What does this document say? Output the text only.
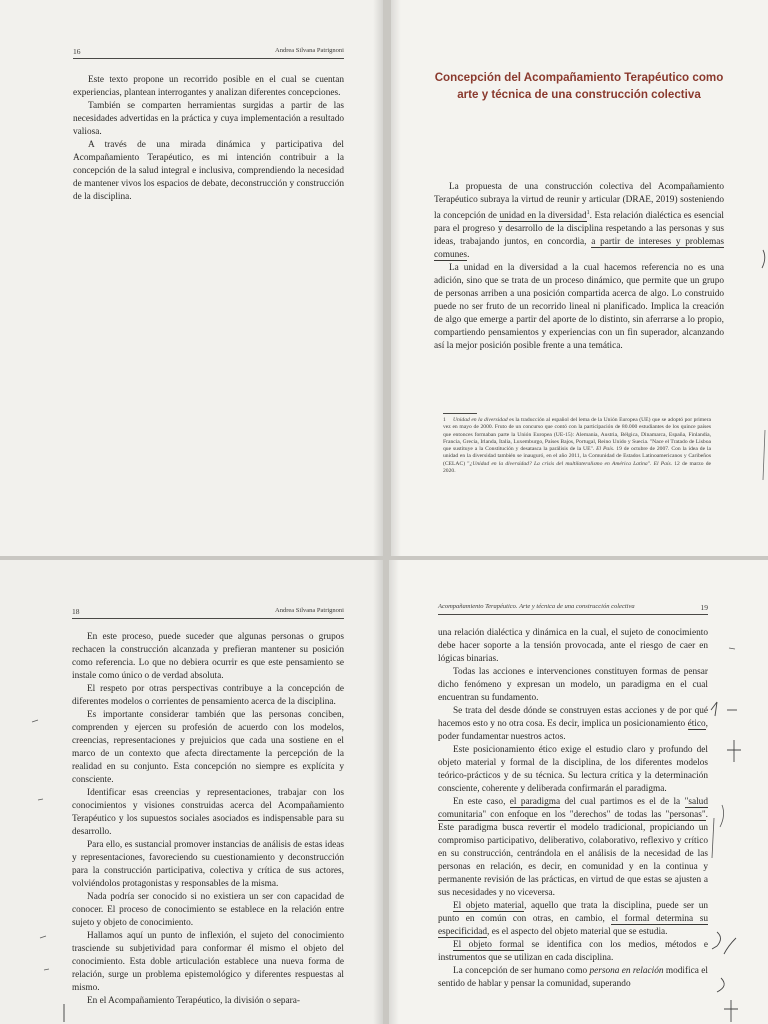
16	Andrea Silvana Patrignoni

Este texto propone un recorrido posible en el cual se cuentan experiencias, plantean interrogantes y analizan diferentes concepciones.

También se comparten herramientas surgidas a partir de las necesidades advertidas en la práctica y cuya implementación a resultado valiosa.

A través de una mirada dinámica y participativa del Acompañamiento Terapéutico, es mi intención contribuir a la concepción de la salud integral e inclusiva, comprendiendo la necesidad de mantener vivos los espacios de debate, deconstrucción y construcción de la disciplina.

Concepción del Acompañamiento Terapéutico como arte y técnica de una construcción colectiva

La propuesta de una construcción colectiva del Acompañamiento Terapéutico subraya la virtud de reunir y articular (DRAE, 2019) sosteniendo la concepción de unidad en la diversidad$^1$. Esta relación dialéctica es esencial para el progreso y desarrollo de la disciplina respetando a las personas y sus ideas, trabajando juntos, en concordia, a partir de intereses y problemas comunes.

La unidad en la diversidad a la cual hacemos referencia no es una adición, sino que se trata de un proceso dinámico, que permite que un grupo de personas arriben a una posición compartida acerca de algo. Lo construido puede no ser fruto de un recorrido lineal ni planificado. Implica la creación de algo que emerge a partir del aporte de lo distinto, sin aferrarse a lo propio, compartiendo pensamientos y experiencias con un fin superador, alcanzando así la mejor posición posible frente a una temática.

1 Unidad en la diversidad es la traducción al español del lema de la Unión Europea (UE) que se adoptó por primera vez en mayo de 2000. Fruto de un concurso que contó con la participación de 80.000 estudiantes de los quince países que entonces formaban parte la Unión Europea (UE-15): Alemania, Austria, Bélgica, Dinamarca, España, Finlandia, Francia, Grecia, Irlanda, Italia, Luxemburgo, Países Bajos, Portugal, Reino Unido y Suecia. "Nace el Tratado de Lisboa que sustituye a la Constitución y desatasca la parálisis de la UE". El País. 19 de octubre de 2007. Con la idea de la unidad en la diversidad también se inauguró, en el año 2011, la Comunidad de Estados Latinoamericanos y Caribeños (CELAC) "¿Unidad en la diversidad? La crisis del multilateralismo en América Latina". El País. 12 de marzo de 2020.
18	Andrea Silvana Patrignoni

En este proceso, puede suceder que algunas personas o grupos rechacen la construcción alcanzada y prefieran mantener su posición como referencia. Lo que no debiera ocurrir es que este pensamiento se instale como único o de verdad absoluta.

El respeto por otras perspectivas contribuye a la concepción de diferentes modelos o corrientes de pensamiento acerca de la disciplina.

Es importante considerar también que las personas conciben, comprenden y ejercen su profesión de acuerdo con los modelos, creencias, representaciones y prejuicios que cada una sostiene en el marco de un contexto que afecta directamente la percepción de la realidad en su conjunto. Esta concepción no siempre es explícita y consciente.

Identificar esas creencias y representaciones, trabajar con los conocimientos y visiones construidas acerca del Acompañamiento Terapéutico y los supuestos sociales asociados es indispensable para su desarrollo.

Para ello, es sustancial promover instancias de análisis de estas ideas y representaciones, favoreciendo su cuestionamiento y deconstrucción para la construcción participativa, colectiva y crítica de sus actores, volviéndolos protagonistas y responsables de la misma.

Nada podría ser conocido si no existiera un ser con capacidad de conocer. El proceso de conocimiento se establece en la relación entre sujeto y objeto de conocimiento.

Hallamos aquí un punto de inflexión, el sujeto del conocimiento trasciende su subjetividad para conformar él mismo el objeto del conocimiento. Esta doble articulación establece una nueva forma de relación, surge un problema epistemológico y diferentes respuestas al mismo.

En el Acompañamiento Terapéutico, la división o separa-

Acompañamiento Terapéutico. Arte y técnica de una construcción colectiva	19

una relación dialéctica y dinámica en la cual, el sujeto de conocimiento debe hacer soporte a la tensión provocada, ante el riesgo de caer en lógicas binarias.

Todas las acciones e intervenciones constituyen formas de pensar dicho fenómeno y expresan un modelo, un paradigma en el cual encuentran su fundamento.

Se trata del desde dónde se construyen estas acciones y de por qué hacemos esto y no otra cosa. Es decir, implica un posicionamiento ético, poder fundamentar nuestros actos.

Este posicionamiento ético exige el estudio claro y profundo del objeto material y formal de la disciplina, de los diferentes modelos teórico-prácticos y de su técnica. Su lectura crítica y la determinación consciente, coherente y deliberada confirmarán el paradigma.

En este caso, el paradigma del cual partimos es el de la "salud comunitaria" con enfoque en los "derechos" de todas las "personas". Este paradigma busca revertir el modelo tradicional, propiciando un compromiso participativo, deliberativo, colaborativo, reflexivo y crítico en su construcción, centrándola en el análisis de la necesidad de las personas en relación, es decir, en comunidad y en la continua y permanente revisión de las prácticas, en virtud de que estas se ajusten a sus necesidades y no viceversa.

El objeto material, aquello que trata la disciplina, puede ser un punto en común con otras, en cambio, el formal determina su especificidad, es el aspecto del objeto material que se estudia.

El objeto formal se identifica con los medios, métodos e instrumentos que se utilizan en cada disciplina.

La concepción de ser humano como persona en relación modifica el sentido de hablar y pensar la comunidad, superando
